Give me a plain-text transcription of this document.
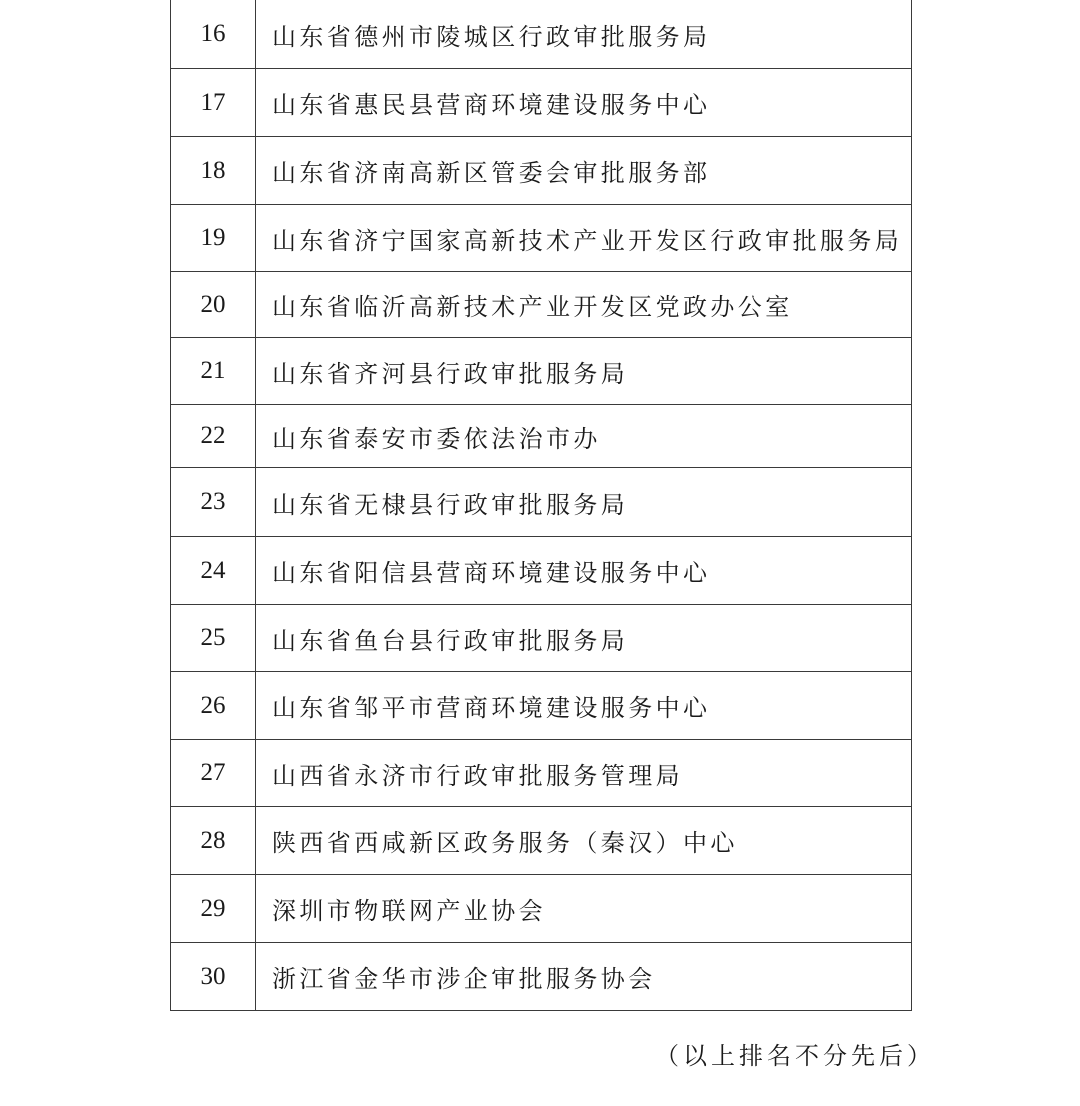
16	山东省德州市陵城区行政审批服务局
17	山东省惠民县营商环境建设服务中心
18	山东省济南高新区管委会审批服务部
19	山东省济宁国家高新技术产业开发区行政审批服务局
20	山东省临沂高新技术产业开发区党政办公室
21	山东省齐河县行政审批服务局
22	山东省泰安市委依法治市办
23	山东省无棣县行政审批服务局
24	山东省阳信县营商环境建设服务中心
25	山东省鱼台县行政审批服务局
26	山东省邹平市营商环境建设服务中心
27	山西省永济市行政审批服务管理局
28	陕西省西咸新区政务服务（秦汉）中心
29	深圳市物联网产业协会
30	浙江省金华市涉企审批服务协会
（以上排名不分先后）
